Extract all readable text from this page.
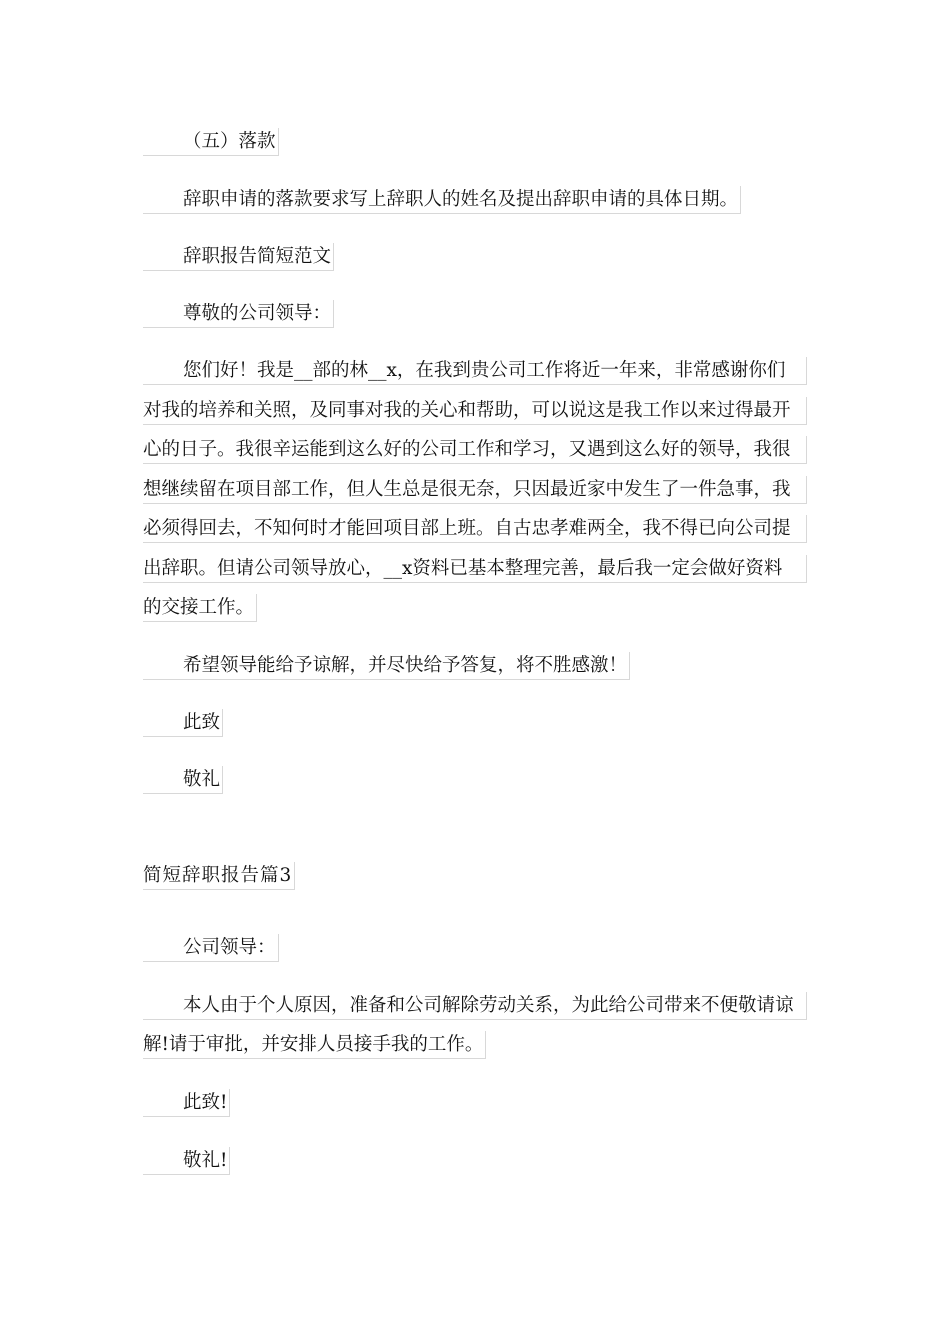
（五）落款
辞职申请的落款要求写上辞职人的姓名及提出辞职申请的具体日期。
辞职报告简短范文
尊敬的公司领导：
您们好！我是__部的林__x，在我到贵公司工作将近一年来，非常感谢你们
对我的培养和关照，及同事对我的关心和帮助，可以说这是我工作以来过得最开
心的日子。我很辛运能到这么好的公司工作和学习，又遇到这么好的领导，我很
想继续留在项目部工作，但人生总是很无奈，只因最近家中发生了一件急事，我
必须得回去，不知何时才能回项目部上班。自古忠孝难两全，我不得已向公司提
出辞职。但请公司领导放心，__x资料已基本整理完善，最后我一定会做好资料
的交接工作。
希望领导能给予谅解，并尽快给予答复，将不胜感激！
此致
敬礼
简短辞职报告篇3
公司领导：
本人由于个人原因，准备和公司解除劳动关系，为此给公司带来不便敬请谅
解!请于审批，并安排人员接手我的工作。
此致!
敬礼!
